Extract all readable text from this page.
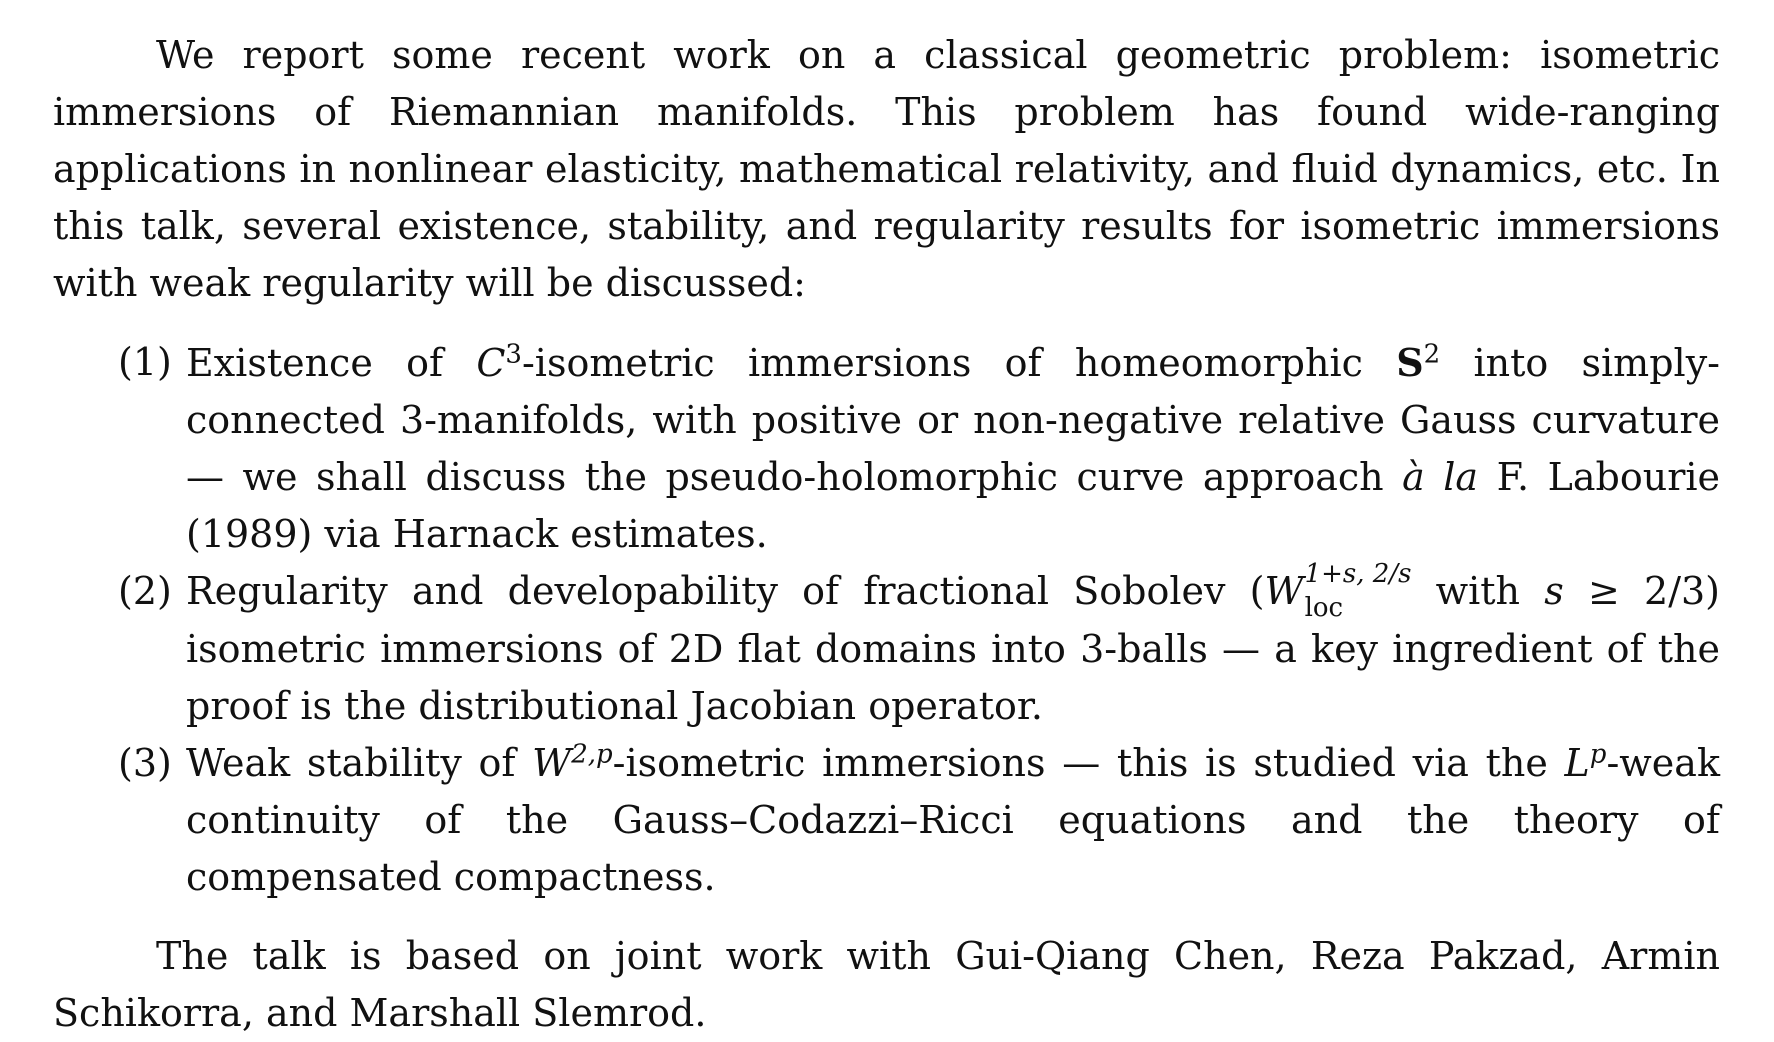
We report some recent work on a classical geometric problem: isometric immersions of Riemannian manifolds. This problem has found wide-ranging applications in nonlinear elasticity, mathematical relativity, and fluid dynamics, etc. In this talk, several existence, stability, and regularity results for isometric immersions with weak regularity will be discussed:

(1) Existence of $C^3$-isometric immersions of homeomorphic $S^2$ into simply-connected 3-manifolds, with positive or non-negative relative Gauss curvature — we shall discuss the pseudo-holomorphic curve approach à la F. Labourie (1989) via Harnack estimates.
(2) Regularity and developability of fractional Sobolev (W 1+s, 2/s
loc	with s ≥ 2/3) isometric immersions of 2D flat domains into 3-balls — a key ingredient of the proof is the distributional Jacobian operator.
(3) Weak stability of W$^{2,p}$-isometric immersions — this is studied via the $L^p$-weak continuity of the Gauss–Codazzi–Ricci equations and the theory of compensated compactness.

The talk is based on joint work with Gui-Qiang Chen, Reza Pakzad, Armin Schikorra, and Marshall Slemrod.
